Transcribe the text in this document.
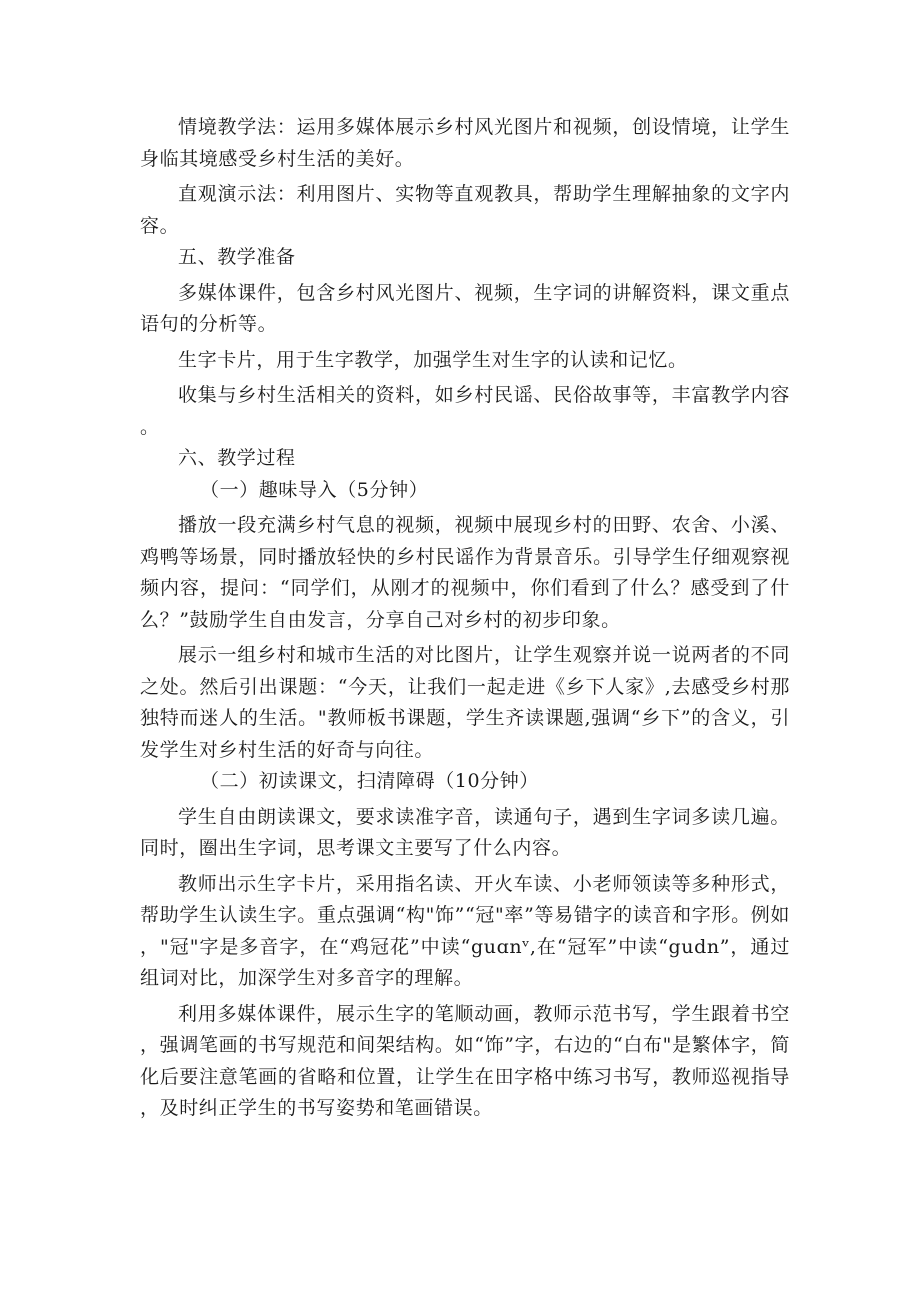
情境教学法：运用多媒体展示乡村风光图片和视频，创设情境，让学生身临其境感受乡村生活的美好。

直观演示法：利用图片、实物等直观教具，帮助学生理解抽象的文字内容。

五、教学准备

多媒体课件，包含乡村风光图片、视频，生字词的讲解资料，课文重点语句的分析等。

生字卡片，用于生字教学，加强学生对生字的认读和记忆。

收集与乡村生活相关的资料，如乡村民谣、民俗故事等，丰富教学内容。

六、教学过程

（一）趣味导入（5分钟）

播放一段充满乡村气息的视频，视频中展现乡村的田野、农舍、小溪、鸡鸭等场景，同时播放轻快的乡村民谣作为背景音乐。引导学生仔细观察视频内容，提问：“同学们，从刚才的视频中，你们看到了什么？感受到了什么？”鼓励学生自由发言，分享自己对乡村的初步印象。

展示一组乡村和城市生活的对比图片，让学生观察并说一说两者的不同之处。然后引出课题：“今天，让我们一起走进《乡下人家》,去感受乡村那独特而迷人的生活。"教师板书课题，学生齐读课题,强调“乡下”的含义，引发学生对乡村生活的好奇与向往。

（二）初读课文，扫清障碍（10分钟）

学生自由朗读课文，要求读准字音，读通句子，遇到生字词多读几遍。同时，圈出生字词，思考课文主要写了什么内容。

教师出示生字卡片，采用指名读、开火车读、小老师领读等多种形式，帮助学生认读生字。重点强调“构"饰”“冠"率”等易错字的读音和字形。例如，"冠"字是多音字，在“鸡冠花”中读“guɑnᵛ,在“冠军”中读“gudn”，通过组词对比，加深学生对多音字的理解。

利用多媒体课件，展示生字的笔顺动画，教师示范书写，学生跟着书空，强调笔画的书写规范和间架结构。如“饰”字，右边的“白布"是繁体字，简化后要注意笔画的省略和位置，让学生在田字格中练习书写，教师巡视指导，及时纠正学生的书写姿势和笔画错误。
